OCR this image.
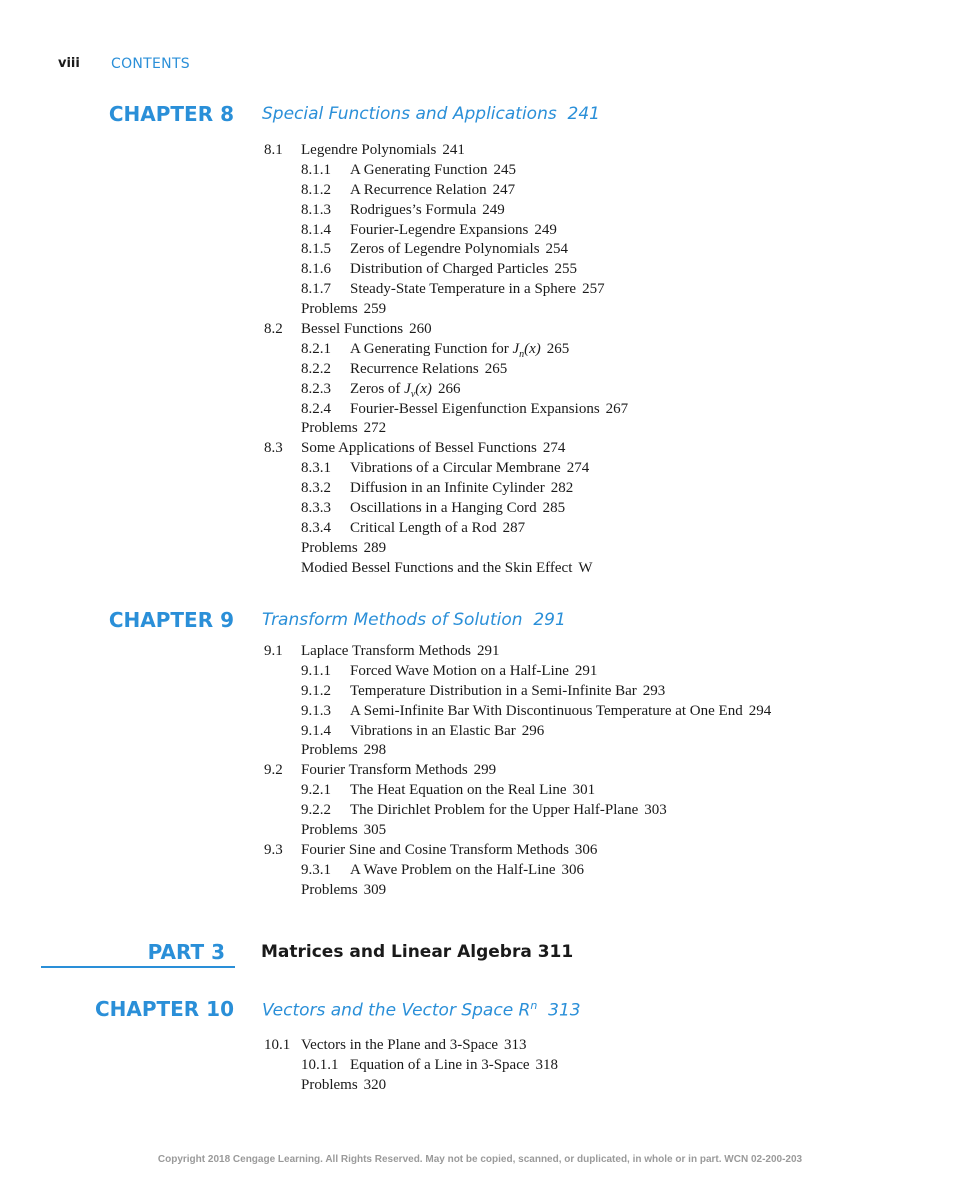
viii CONTENTS
CHAPTER 8 Special Functions and Applications 241
8.1 Legendre Polynomials 241
8.1.1 A Generating Function 245
8.1.2 A Recurrence Relation 247
8.1.3 Rodrigues’s Formula 249
8.1.4 Fourier-Legendre Expansions 249
8.1.5 Zeros of Legendre Polynomials 254
8.1.6 Distribution of Charged Particles 255
8.1.7 Steady-State Temperature in a Sphere 257
Problems 259
8.2 Bessel Functions 260
8.2.1 A Generating Function for $J_n(x)$ 265
8.2.2 Recurrence Relations 265
8.2.3 Zeros of $J_\nu(x)$ 266
8.2.4 Fourier-Bessel Eigenfunction Expansions 267
Problems 272
8.3 Some Applications of Bessel Functions 274
8.3.1 Vibrations of a Circular Membrane 274
8.3.2 Diffusion in an Infinite Cylinder 282
8.3.3 Oscillations in a Hanging Cord 285
8.3.4 Critical Length of a Rod 287
Problems 289
Modied Bessel Functions and the Skin Effect W
CHAPTER 9 Transform Methods of Solution 291
9.1 Laplace Transform Methods 291
9.1.1 Forced Wave Motion on a Half-Line 291
9.1.2 Temperature Distribution in a Semi-Infinite Bar 293
9.1.3 A Semi-Infinite Bar With Discontinuous Temperature at One End 294
9.1.4 Vibrations in an Elastic Bar 296
Problems 298
9.2 Fourier Transform Methods 299
9.2.1 The Heat Equation on the Real Line 301
9.2.2 The Dirichlet Problem for the Upper Half-Plane 303
Problems 305
9.3 Fourier Sine and Cosine Transform Methods 306
9.3.1 A Wave Problem on the Half-Line 306
Problems 309
PART 3 Matrices and Linear Algebra 311
CHAPTER 10 Vectors and the Vector Space $R^n$ 313
10.1 Vectors in the Plane and 3-Space 313
10.1.1 Equation of a Line in 3-Space 318
Problems 320
Copyright 2018 Cengage Learning. All Rights Reserved. May not be copied, scanned, or duplicated, in whole or in part. WCN 02-200-203
